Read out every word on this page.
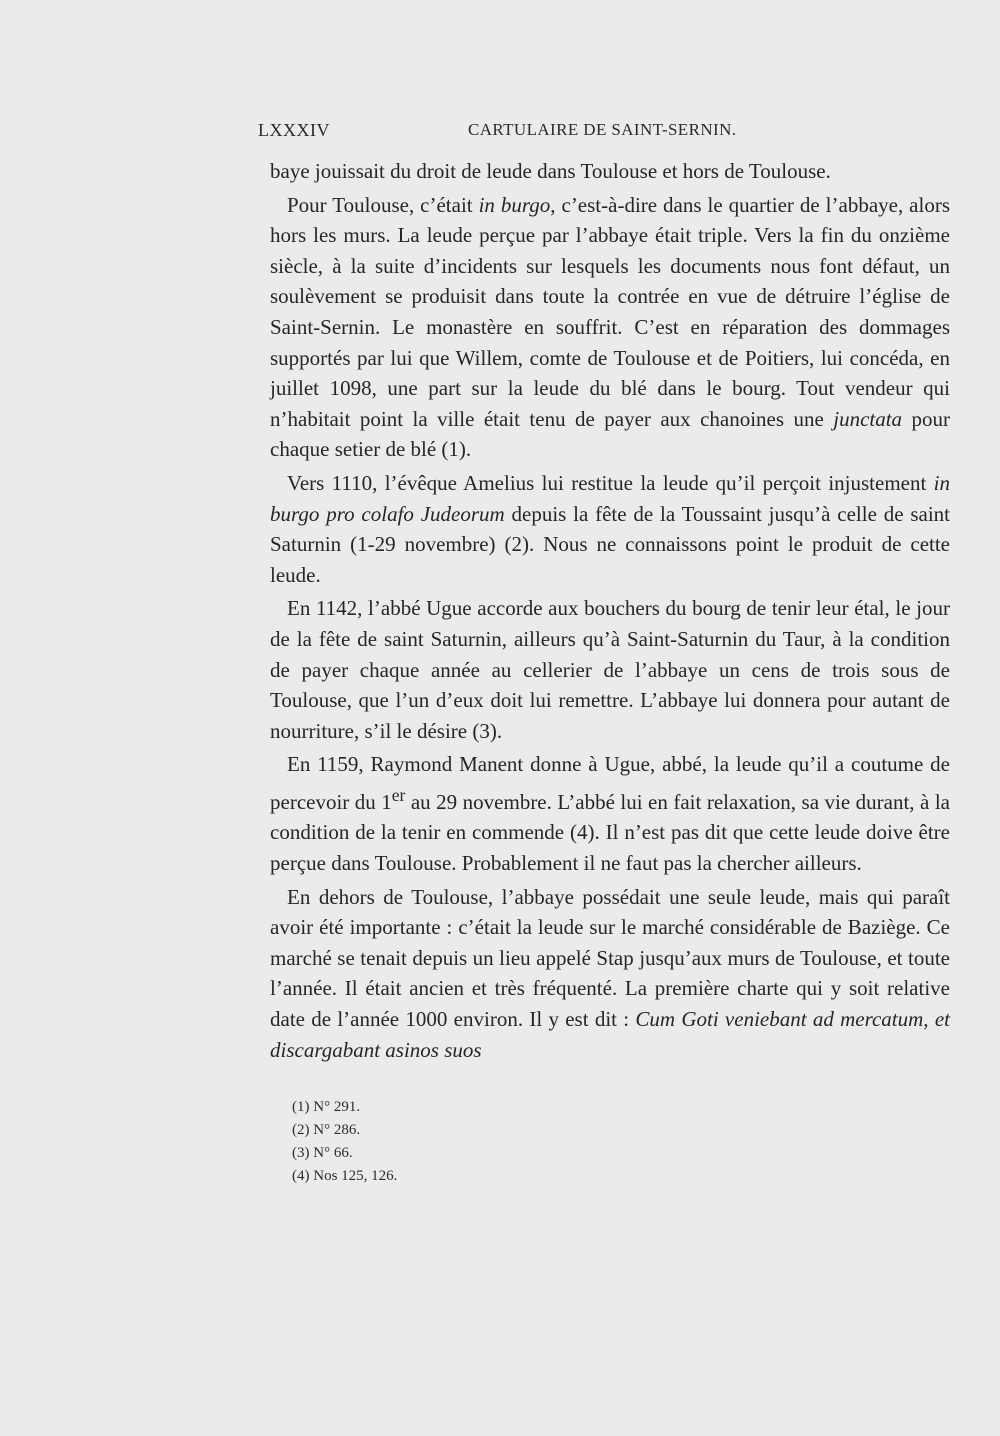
LXXXIV	CARTULAIRE DE SAINT-SERNIN.

baye jouissait du droit de leude dans Toulouse et hors de Toulouse.

Pour Toulouse, c’était in burgo, c’est-à-dire dans le quartier de l’abbaye, alors hors les murs. La leude perçue par l’abbaye était triple. Vers la fin du onzième siècle, à la suite d’incidents sur lesquels les documents nous font défaut, un soulèvement se produisit dans toute la contrée en vue de détruire l’église de Saint-Sernin. Le monastère en souffrit. C’est en réparation des dommages supportés par lui que Willem, comte de Toulouse et de Poitiers, lui concéda, en juillet 1098, une part sur la leude du blé dans le bourg. Tout vendeur qui n’habitait point la ville était tenu de payer aux chanoines une junctata pour chaque setier de blé (1).

Vers 1110, l’évêque Amelius lui restitue la leude qu’il perçoit injustement in burgo pro colafo Judeorum depuis la fête de la Toussaint jusqu’à celle de saint Saturnin (1-29 novembre) (2). Nous ne connaissons point le produit de cette leude.

En 1142, l’abbé Ugue accorde aux bouchers du bourg de tenir leur étal, le jour de la fête de saint Saturnin, ailleurs qu’à Saint-Saturnin du Taur, à la condition de payer chaque année au cellerier de l’abbaye un cens de trois sous de Toulouse, que l’un d’eux doit lui remettre. L’abbaye lui donnera pour autant de nourriture, s’il le désire (3).

En 1159, Raymond Manent donne à Ugue, abbé, la leude qu’il a coutume de percevoir du 1er au 29 novembre. L’abbé lui en fait relaxation, sa vie durant, à la condition de la tenir en commende (4). Il n’est pas dit que cette leude doive être perçue dans Toulouse. Probablement il ne faut pas la chercher ailleurs.

En dehors de Toulouse, l’abbaye possédait une seule leude, mais qui paraît avoir été importante : c’était la leude sur le marché considérable de Baziège. Ce marché se tenait depuis un lieu appelé Stap jusqu’aux murs de Toulouse, et toute l’année. Il était ancien et très fréquenté. La première charte qui y soit relative date de l’année 1000 environ. Il y est dit : Cum Goti veniebant ad mercatum, et discargabant asinos suos

(1) N° 291.
(2) N° 286.
(3) N° 66.
(4) Nos 125, 126.
